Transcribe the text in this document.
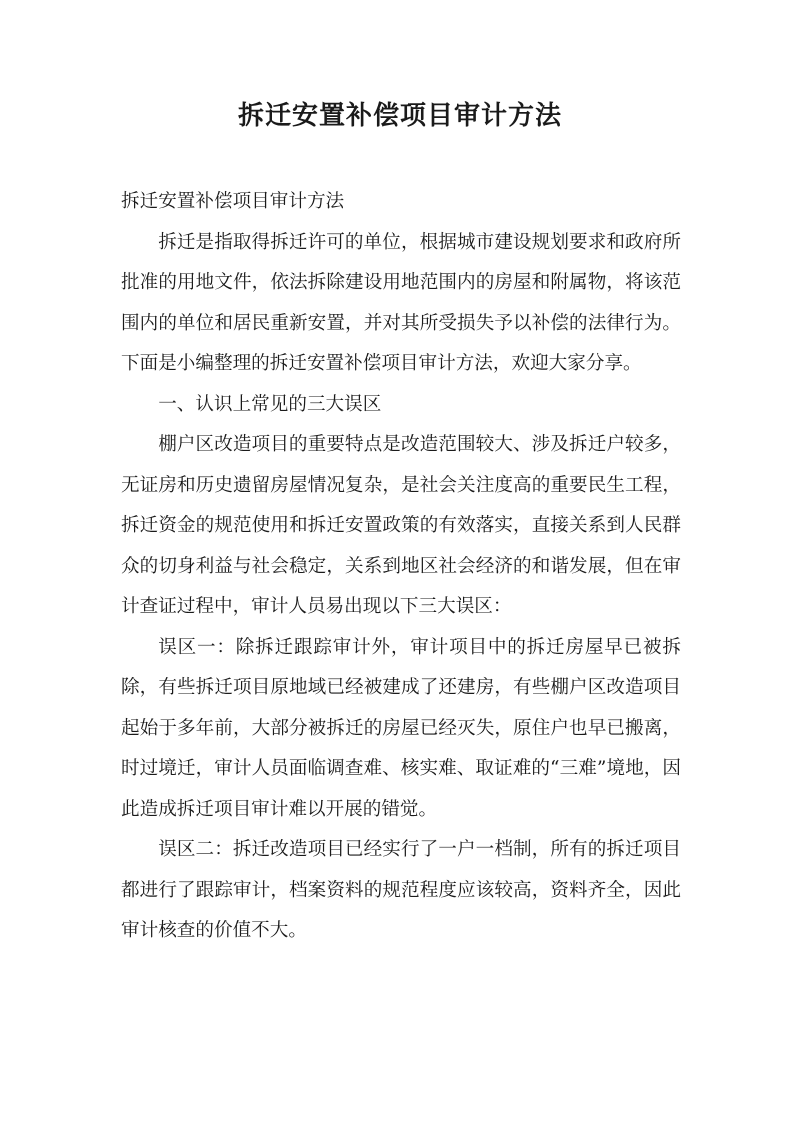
拆迁安置补偿项目审计方法

拆迁安置补偿项目审计方法

拆迁是指取得拆迁许可的单位，根据城市建设规划要求和政府所批准的用地文件，依法拆除建设用地范围内的房屋和附属物，将该范围内的单位和居民重新安置，并对其所受损失予以补偿的法律行为。下面是小编整理的拆迁安置补偿项目审计方法，欢迎大家分享。

一、认识上常见的三大误区

棚户区改造项目的重要特点是改造范围较大、涉及拆迁户较多，无证房和历史遗留房屋情况复杂，是社会关注度高的重要民生工程，拆迁资金的规范使用和拆迁安置政策的有效落实，直接关系到人民群众的切身利益与社会稳定，关系到地区社会经济的和谐发展，但在审计查证过程中，审计人员易出现以下三大误区：

误区一：除拆迁跟踪审计外，审计项目中的拆迁房屋早已被拆除，有些拆迁项目原地域已经被建成了还建房，有些棚户区改造项目起始于多年前，大部分被拆迁的房屋已经灭失，原住户也早已搬离，时过境迁，审计人员面临调查难、核实难、取证难的“三难”境地，因此造成拆迁项目审计难以开展的错觉。

误区二：拆迁改造项目已经实行了一户一档制，所有的拆迁项目都进行了跟踪审计，档案资料的规范程度应该较高，资料齐全，因此审计核查的价值不大。
